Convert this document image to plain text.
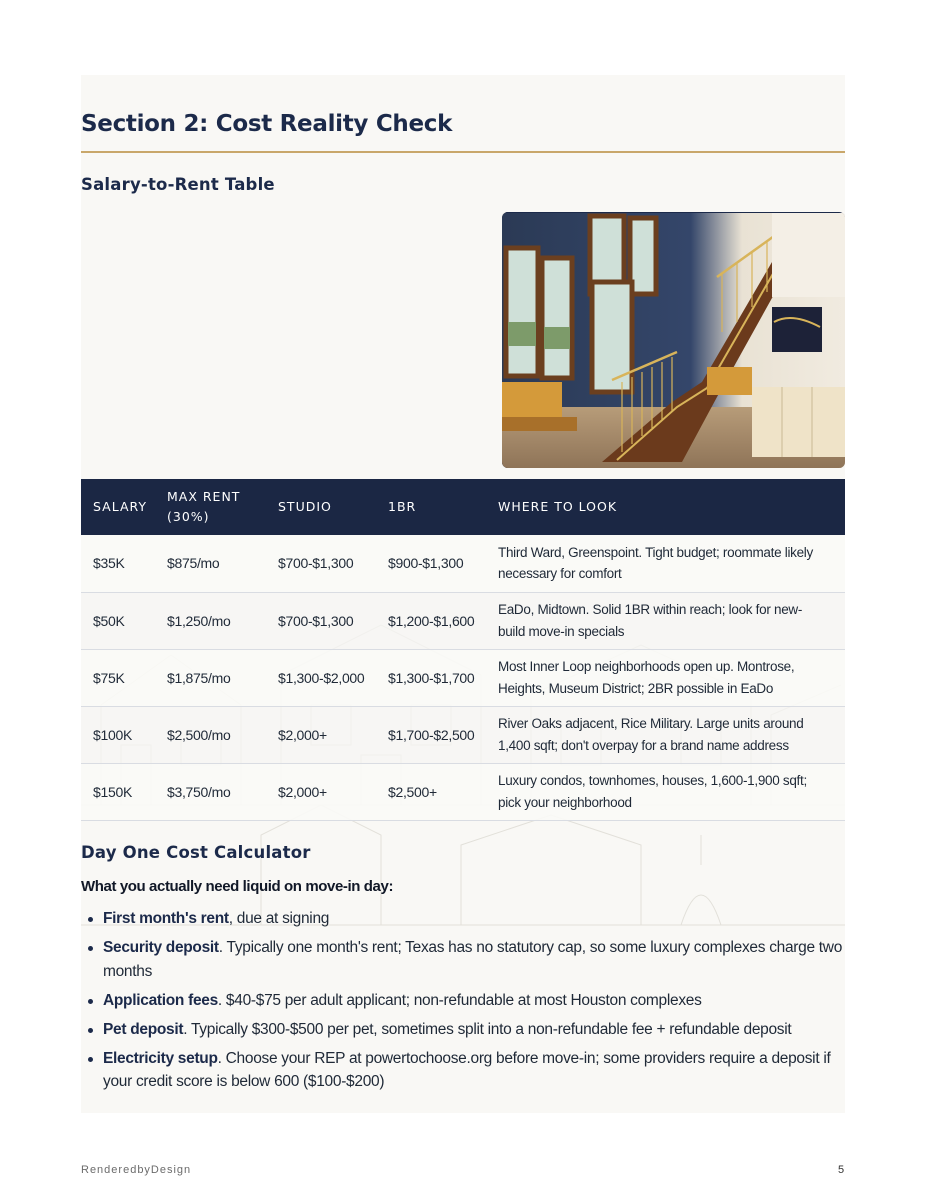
Section 2: Cost Reality Check
Salary-to-Rent Table
SALARY	MAX RENT (30%)	STUDIO	1BR	WHERE TO LOOK
$35K	$875/mo	$700-$1,300	$900-$1,300	Third Ward, Greenspoint. Tight budget; roommate likely necessary for comfort
$50K	$1,250/mo	$700-$1,300	$1,200-$1,600	EaDo, Midtown. Solid 1BR within reach; look for new-build move-in specials
$75K	$1,875/mo	$1,300-$2,000	$1,300-$1,700	Most Inner Loop neighborhoods open up. Montrose, Heights, Museum District; 2BR possible in EaDo
$100K	$2,500/mo	$2,000+	$1,700-$2,500	River Oaks adjacent, Rice Military. Large units around 1,400 sqft; don't overpay for a brand name address
$150K	$3,750/mo	$2,000+	$2,500+	Luxury condos, townhomes, houses, 1,600-1,900 sqft; pick your neighborhood
Day One Cost Calculator

What you actually need liquid on move-in day:

First month's rent, due at signing
Security deposit. Typically one month's rent; Texas has no statutory cap, so some luxury complexes charge two months
Application fees. $40-$75 per adult applicant; non-refundable at most Houston complexes
Pet deposit. Typically $300-$500 per pet, sometimes split into a non-refundable fee + refundable deposit
Electricity setup. Choose your REP at powertochoose.org before move-in; some providers require a deposit if your credit score is below 600 ($100-$200)
RenderedbyDesign	5
